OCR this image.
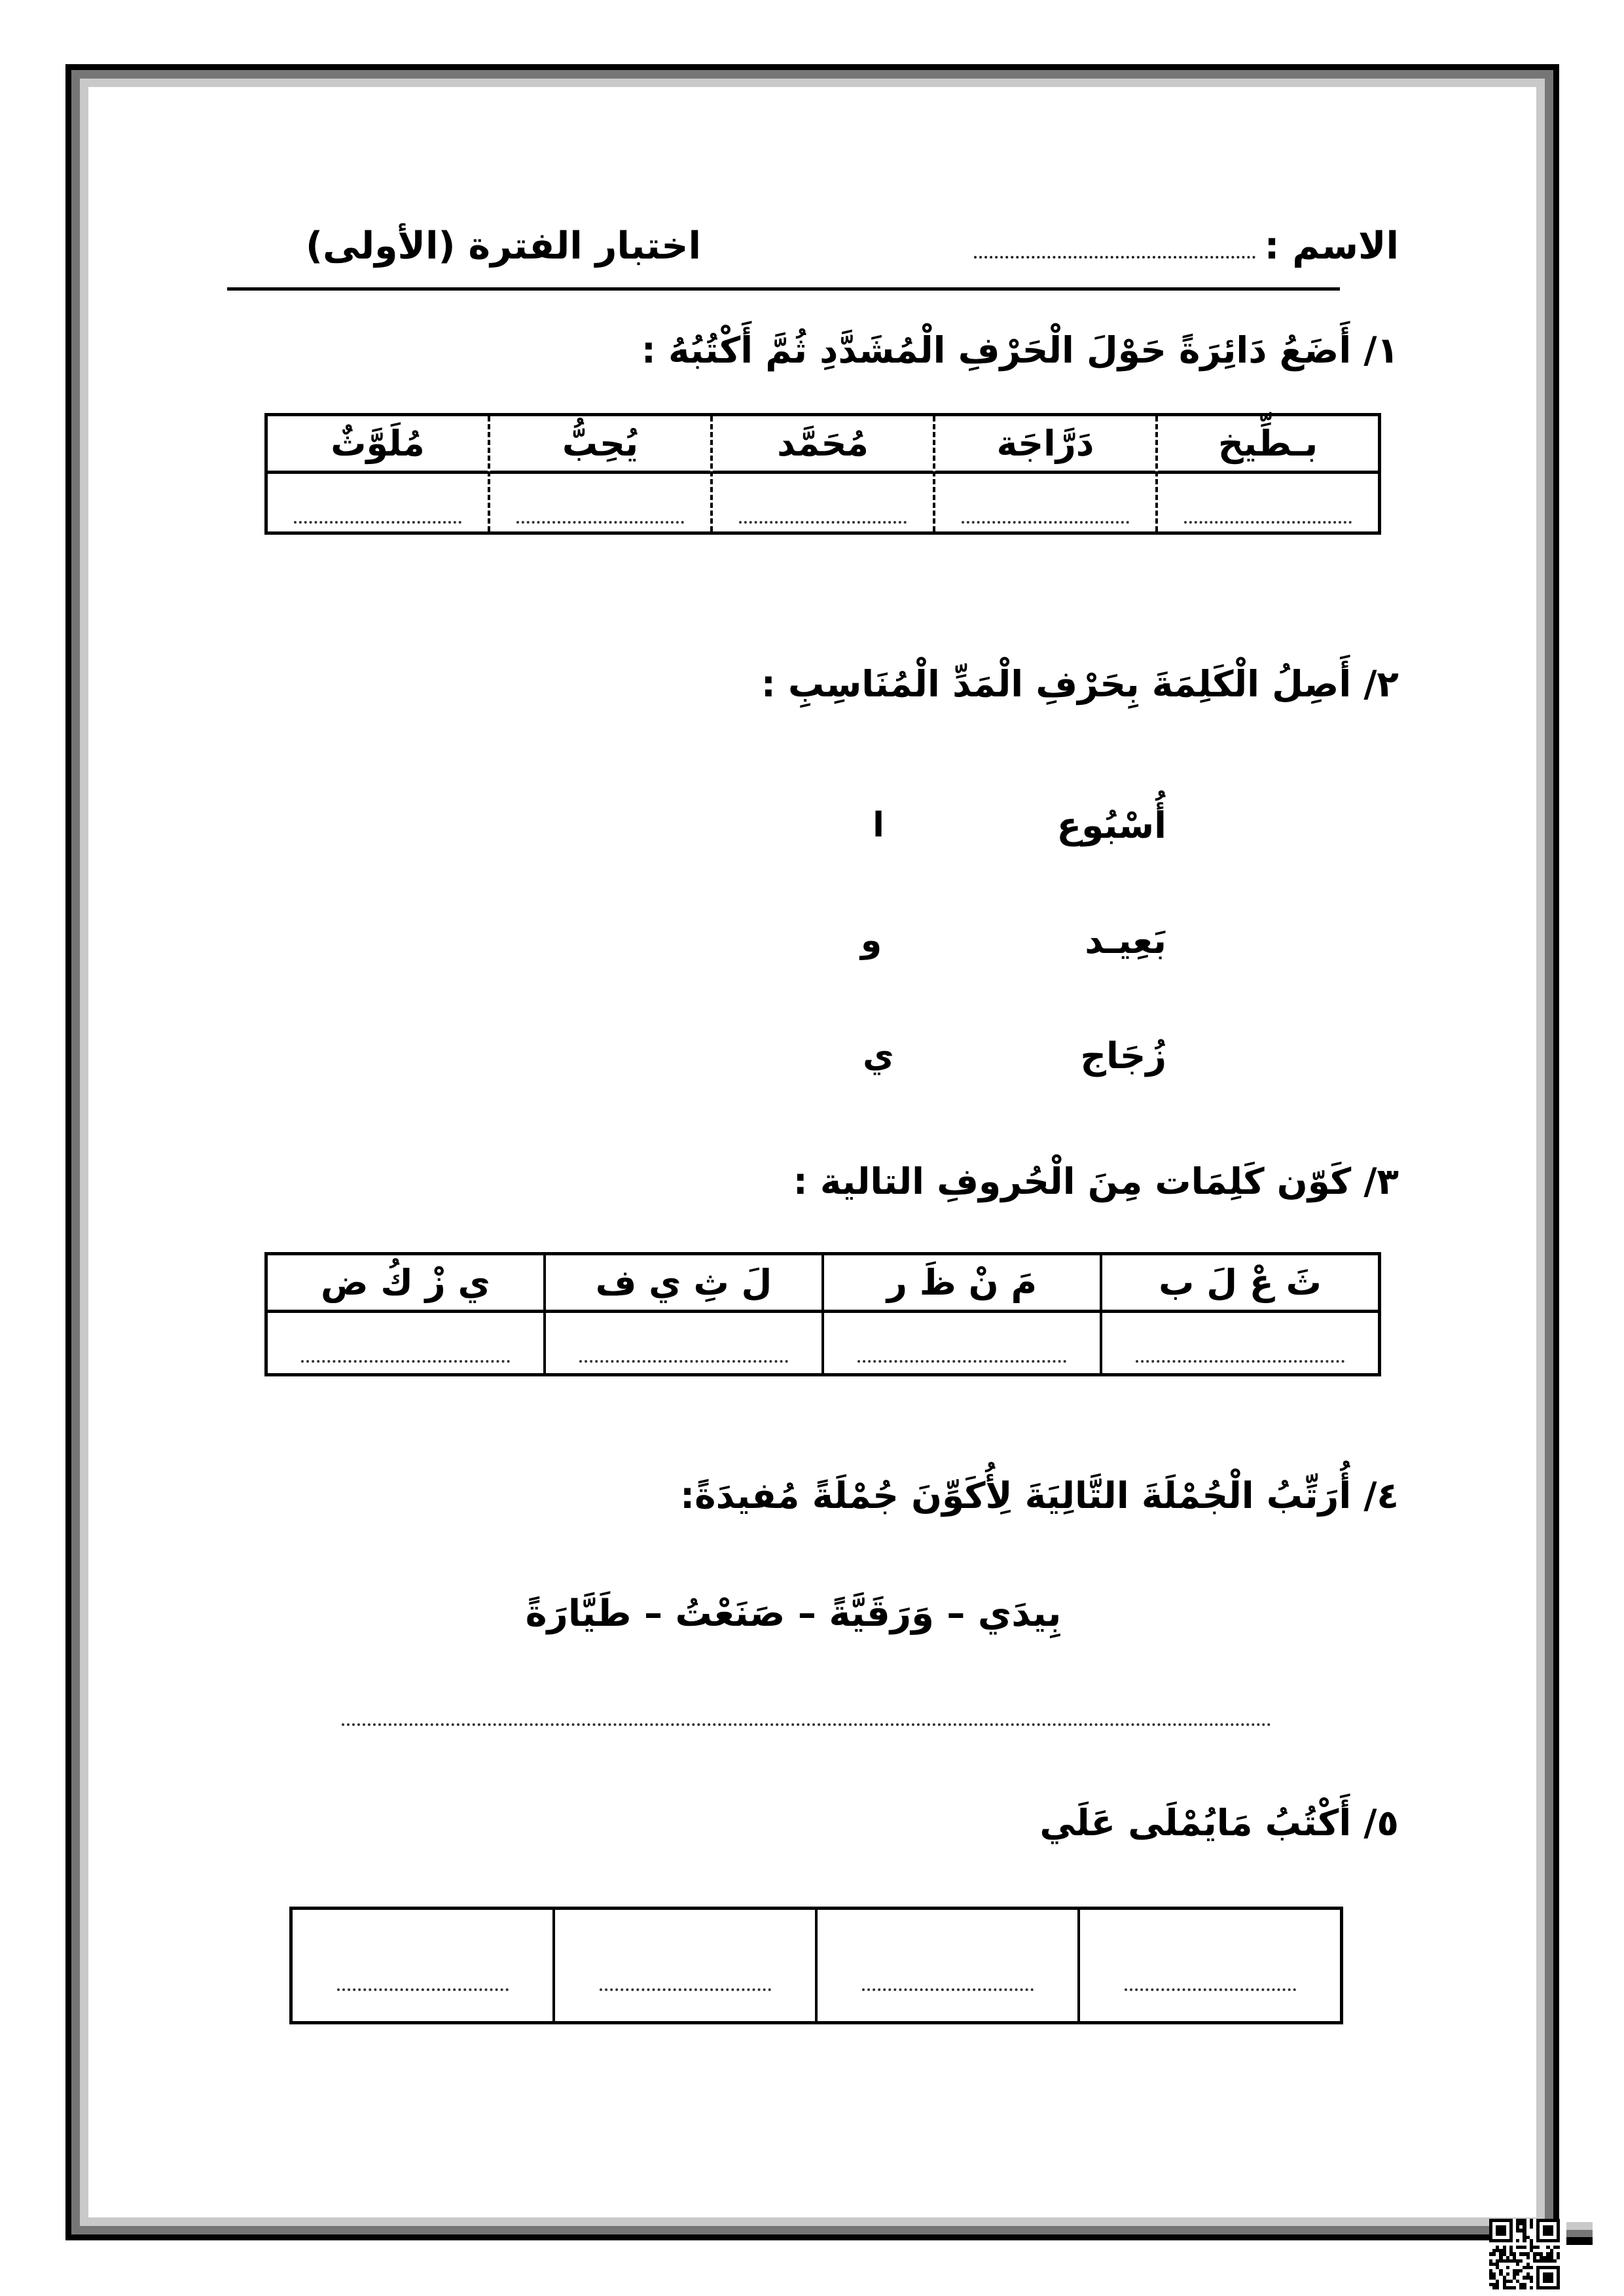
الاسم :
اختبار الفترة (الأولى)
١/ أَضَعُ دَائِرَةً حَوْلَ الْحَرْفِ الْمُشَدَّدِ ثُمَّ أَكْتُبُهُ :
بـطِّيخ
دَرَّاجَة
مُحَمَّد
يُحِبُّ
مُلَوَّثٌ
٢/ أَصِلُ الْكَلِمَةَ بِحَرْفِ الْمَدِّ الْمُنَاسِبِ :
أُسْبُوع
ا
بَعِيـد
و
زُجَاج
ي
٣/ كَوّن كَلِمَات مِنَ الْحُروفِ التالية :
ثَ عْ لَ ب
مَ نْ ظَ ر
لَ ثِ ي ف
ي زْ كُ ض
٤/ أُرَتِّبُ الْجُمْلَةَ التَّالِيَةَ لِأُكَوِّنَ جُمْلَةً مُفيدَةً:
بِيدَي – وَرَقَيَّةً – صَنَعْتُ – طَيَّارَةً
٥/ أَكْتُبُ مَايُمْلَى عَلَي
